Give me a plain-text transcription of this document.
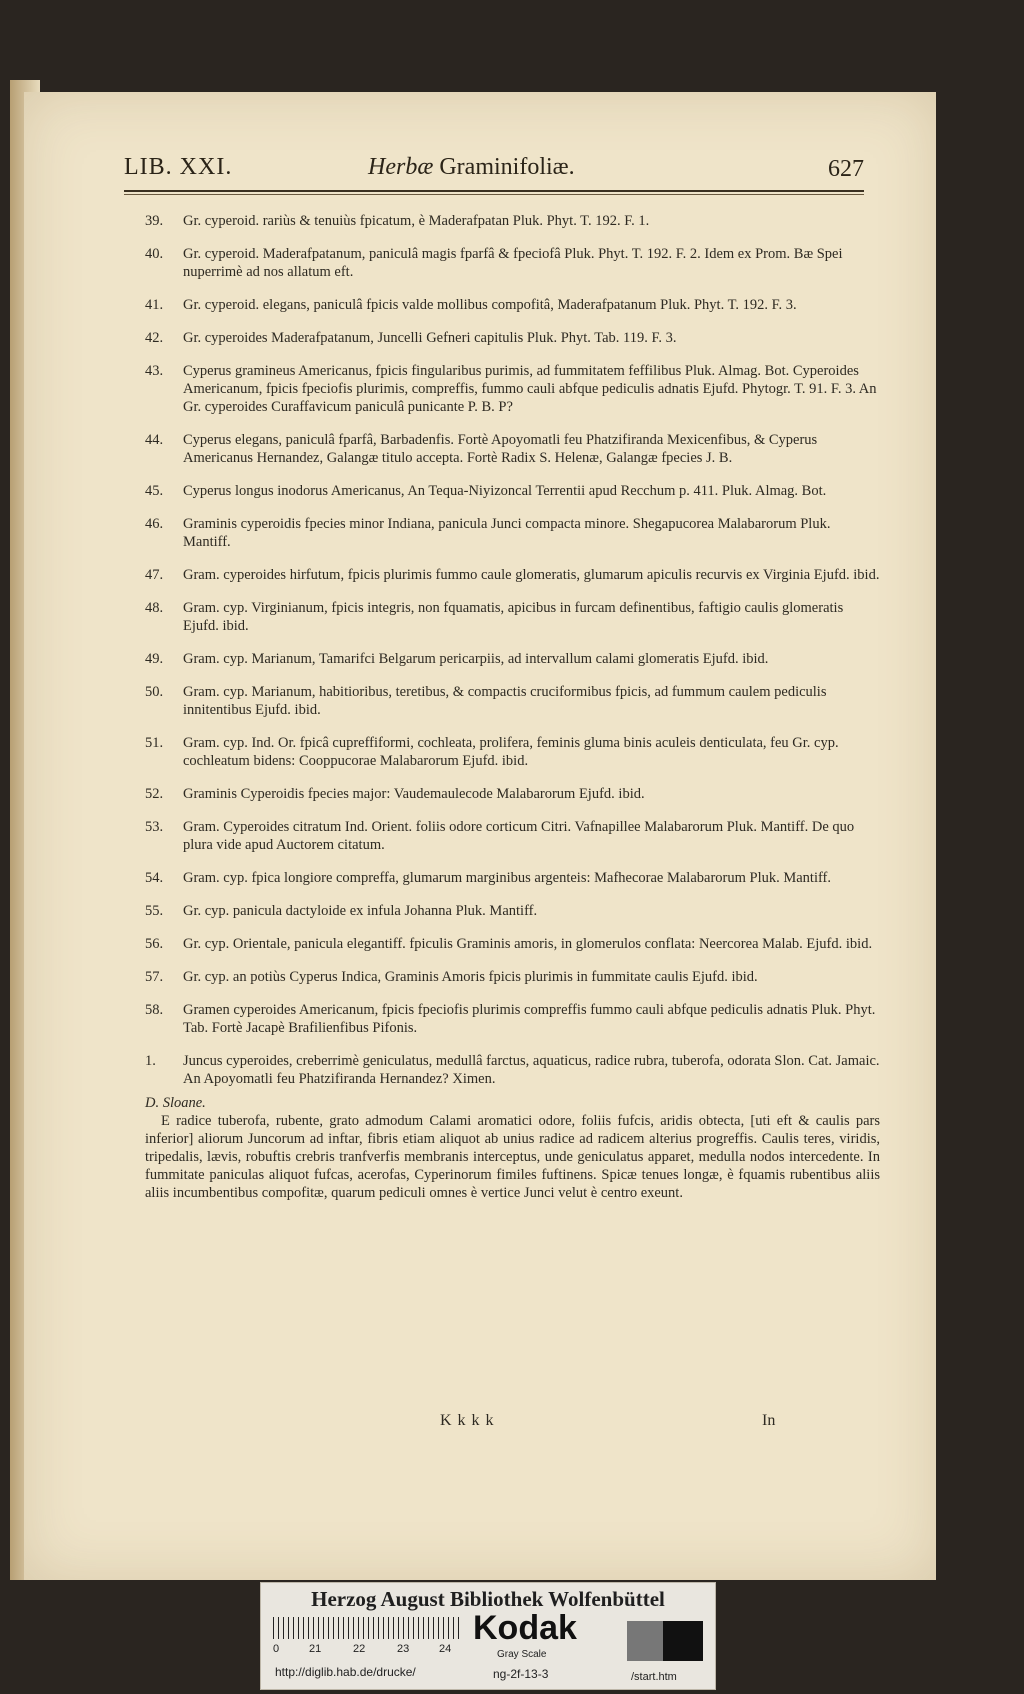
LIB. XXI.	Herbæ Graminifoliæ.	627
39. Gr. cyperoid. rariùs & tenuiùs fpicatum, è Maderafpatan Pluk. Phyt. T. 192. F. 1.
40. Gr. cyperoid. Maderafpatanum, paniculâ magis fparfâ & fpeciofâ Pluk. Phyt. T. 192. F. 2. Idem ex Prom. Bæ Spei nuperrimè ad nos allatum eft.
41. Gr. cyperoid. elegans, paniculâ fpicis valde mollibus compofitâ, Maderafpatanum Pluk. Phyt. T. 192. F. 3.
42. Gr. cyperoides Maderafpatanum, Juncelli Gefneri capitulis Pluk. Phyt. Tab. 119. F. 3.
43. Cyperus gramineus Americanus, fpicis fingularibus purimis, ad fummitatem feffilibus Pluk. Almag. Bot. Cyperoides Americanum, fpicis fpeciofis plurimis, compreffis, fummo cauli abfque pediculis adnatis Ejufd. Phytogr. T. 91. F. 3. An Gr. cyperoides Curaffavicum paniculâ punicante P. B. P?
44. Cyperus elegans, paniculâ fparfâ, Barbadenfis. Fortè Apoyomatli feu Phatzifiranda Mexicenfibus, & Cyperus Americanus Hernandez, Galangæ titulo accepta. Fortè Radix S. Helenæ, Galangæ fpecies J. B.
45. Cyperus longus inodorus Americanus, An Tequa-Niyizoncal Terrentii apud Recchum p. 411. Pluk. Almag. Bot.
46. Graminis cyperoidis fpecies minor Indiana, panicula Junci compacta minore. Shegapucorea Malabarorum Pluk. Mantiff.
47. Gram. cyperoides hirfutum, fpicis plurimis fummo caule glomeratis, glumarum apiculis recurvis ex Virginia Ejufd. ibid.
48. Gram. cyp. Virginianum, fpicis integris, non fquamatis, apicibus in furcam definentibus, faftigio caulis glomeratis Ejufd. ibid.
49. Gram. cyp. Marianum, Tamarifci Belgarum pericarpiis, ad intervallum calami glomeratis Ejufd. ibid.
50. Gram. cyp. Marianum, habitioribus, teretibus, & compactis cruciformibus fpicis, ad fummum caulem pediculis innitentibus Ejufd. ibid.
51. Gram. cyp. Ind. Or. fpicâ cupreffiformi, cochleata, prolifera, feminis gluma binis aculeis denticulata, feu Gr. cyp. cochleatum bidens: Cooppucorae Malabarorum Ejufd. ibid.
52. Graminis Cyperoidis fpecies major: Vaudemaulecode Malabarorum Ejufd. ibid.
53. Gram. Cyperoides citratum Ind. Orient. foliis odore corticum Citri. Vafnapillee Malabarorum Pluk. Mantiff. De quo plura vide apud Auctorem citatum.
54. Gram. cyp. fpica longiore compreffa, glumarum marginibus argenteis: Mafhecorae Malabarorum Pluk. Mantiff.
55. Gr. cyp. panicula dactyloide ex infula Johanna Pluk. Mantiff.
56. Gr. cyp. Orientale, panicula elegantiff. fpiculis Graminis amoris, in glomerulos conflata: Neercorea Malab. Ejufd. ibid.
57. Gr. cyp. an potiùs Cyperus Indica, Graminis Amoris fpicis plurimis in fummitate caulis Ejufd. ibid.
58. Gramen cyperoides Americanum, fpicis fpeciofis plurimis compreffis fummo cauli abfque pediculis adnatis Pluk. Phyt. Tab. Fortè Jacapè Brafilienfibus Pifonis.
1. Juncus cyperoides, creberrimè geniculatus, medullâ farctus, aquaticus, radice rubra, tuberofa, odorata Slon. Cat. Jamaic. An Apoyomatli feu Phatzifiranda Hernandez? Ximen.
D. Sloane.

E radice tuberofa, rubente, grato admodum Calami aromatici odore, foliis fufcis, aridis obtecta, [uti eft & caulis pars inferior] aliorum Juncorum ad inftar, fibris etiam aliquot ab unius radice ad radicem alterius progreffis. Caulis teres, viridis, tripedalis, lævis, robuftis crebris tranfverfis membranis interceptus, unde geniculatus apparet, medulla nodos intercedente. In fummitate paniculas aliquot fufcas, acerofas, Cyperinorum fimiles fuftinens. Spicæ tenues longæ, è fquamis rubentibus aliis aliis incumbentibus compofitæ, quarum pediculi omnes è vertice Junci velut è centro exeunt.

Kkkk	In
Herzog August Bibliothek Wolfenbüttel
0	21	22	23	24
Kodak
Gray Scale
http://diglib.hab.de/drucke/	ng-2f-13-3	/start.htm
